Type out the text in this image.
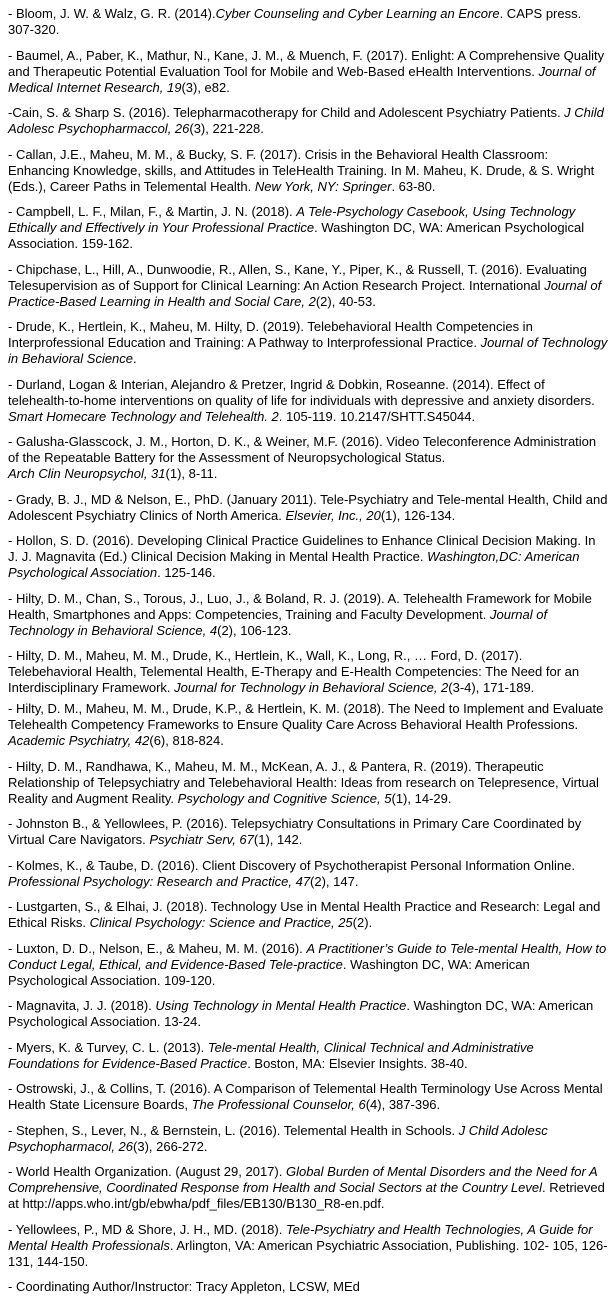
- Bloom, J. W. & Walz, G. R. (2014).Cyber Counseling and Cyber Learning an Encore. CAPS press. 307-320.

- Baumel, A., Paber, K., Mathur, N., Kane, J. M., & Muench, F. (2017). Enlight: A Comprehensive Quality and Therapeutic Potential Evaluation Tool for Mobile and Web-Based eHealth Interventions. Journal of Medical Internet Research, 19(3), e82.

-Cain, S. & Sharp S. (2016). Telepharmacotherapy for Child and Adolescent Psychiatry Patients. J Child Adolesc Psychopharmaccol, 26(3), 221-228.

- Callan, J.E., Maheu, M. M., & Bucky, S. F. (2017). Crisis in the Behavioral Health Classroom: Enhancing Knowledge, skills, and Attitudes in TeleHealth Training. In M. Maheu, K. Drude, & S. Wright (Eds.), Career Paths in Telemental Health. New York, NY: Springer. 63-80.

- Campbell, L. F., Milan, F., & Martin, J. N. (2018). A Tele-Psychology Casebook, Using Technology Ethically and Effectively in Your Professional Practice. Washington DC, WA: American Psychological Association. 159-162.

- Chipchase, L., Hill, A., Dunwoodie, R., Allen, S., Kane, Y., Piper, K., & Russell, T. (2016). Evaluating Telesupervision as of Support for Clinical Learning: An Action Research Project. International Journal of Practice-Based Learning in Health and Social Care, 2(2), 40-53.

- Drude, K., Hertlein, K., Maheu, M. Hilty, D. (2019). Telebehavioral Health Competencies in Interprofessional Education and Training: A Pathway to Interprofessional Practice. Journal of Technology in Behavioral Science.

- Durland, Logan & Interian, Alejandro & Pretzer, Ingrid & Dobkin, Roseanne. (2014). Effect of telehealth-to-home interventions on quality of life for individuals with depressive and anxiety disorders. Smart Homecare Technology and Telehealth. 2. 105-119. 10.2147/SHTT.S45044.

- Galusha-Glasscock, J. M., Horton, D. K., & Weiner, M.F. (2016). Video Teleconference Administration of the Repeatable Battery for the Assessment of Neuropsychological Status.
Arch Clin Neuropsychol, 31(1), 8-11.

- Grady, B. J., MD & Nelson, E., PhD. (January 2011). Tele-Psychiatry and Tele-mental Health, Child and Adolescent Psychiatry Clinics of North America. Elsevier, Inc., 20(1), 126-134.

- Hollon, S. D. (2016). Developing Clinical Practice Guidelines to Enhance Clinical Decision Making. In J. J. Magnavita (Ed.) Clinical Decision Making in Mental Health Practice. Washington,DC: American Psychological Association. 125-146.

- Hilty, D. M., Chan, S., Torous, J., Luo, J., & Boland, R. J. (2019). A. Telehealth Framework for Mobile Health, Smartphones and Apps: Competencies, Training and Faculty Development. Journal of Technology in Behavioral Science, 4(2), 106-123.

- Hilty, D. M., Maheu, M. M., Drude, K., Hertlein, K., Wall, K., Long, R., … Ford, D. (2017). Telebehavioral Health, Telemental Health, E-Therapy and E-Health Competencies: The Need for an Interdisciplinary Framework. Journal for Technology in Behavioral Science, 2(3-4), 171-189.

- Hilty, D. M., Maheu, M. M., Drude, K.P., & Hertlein, K. M. (2018). The Need to Implement and Evaluate Telehealth Competency Frameworks to Ensure Quality Care Across Behavioral Health Professions. Academic Psychiatry, 42(6), 818-824.

- Hilty, D. M., Randhawa, K., Maheu, M. M., McKean, A. J., & Pantera, R. (2019). Therapeutic Relationship of Telepsychiatry and Telebehavioral Health: Ideas from research on Telepresence, Virtual Reality and Augment Reality. Psychology and Cognitive Science, 5(1), 14-29.

- Johnston B., & Yellowlees, P. (2016). Telepsychiatry Consultations in Primary Care Coordinated by Virtual Care Navigators. Psychiatr Serv, 67(1), 142.

- Kolmes, K., & Taube, D. (2016). Client Discovery of Psychotherapist Personal Information Online. Professional Psychology: Research and Practice, 47(2), 147.

- Lustgarten, S., & Elhai, J. (2018). Technology Use in Mental Health Practice and Research: Legal and Ethical Risks. Clinical Psychology: Science and Practice, 25(2).

- Luxton, D. D., Nelson, E., & Maheu, M. M. (2016). A Practitioner’s Guide to Tele-mental Health, How to Conduct Legal, Ethical, and Evidence-Based Tele-practice. Washington DC, WA: American Psychological Association. 109-120.

- Magnavita, J. J. (2018). Using Technology in Mental Health Practice. Washington DC, WA: American Psychological Association. 13-24.

- Myers, K. & Turvey, C. L. (2013). Tele-mental Health, Clinical Technical and Administrative Foundations for Evidence-Based Practice. Boston, MA: Elsevier Insights. 38-40.

- Ostrowski, J., & Collins, T. (2016). A Comparison of Telemental Health Terminology Use Across Mental Health State Licensure Boards, The Professional Counselor, 6(4), 387-396.

- Stephen, S., Lever, N., & Bernstein, L. (2016). Telemental Health in Schools. J Child Adolesc Psychopharmacol, 26(3), 266-272.

- World Health Organization. (August 29, 2017). Global Burden of Mental Disorders and the Need for A Comprehensive, Coordinated Response from Health and Social Sectors at the Country Level. Retrieved at http://apps.who.int/gb/ebwha/pdf_files/EB130/B130_R8-en.pdf.

- Yellowlees, P., MD & Shore, J. H., MD. (2018). Tele-Psychiatry and Health Technologies, A Guide for Mental Health Professionals. Arlington, VA: American Psychiatric Association, Publishing. 102- 105, 126-131, 144-150.

- Coordinating Author/Instructor: Tracy Appleton, LCSW, MEd
